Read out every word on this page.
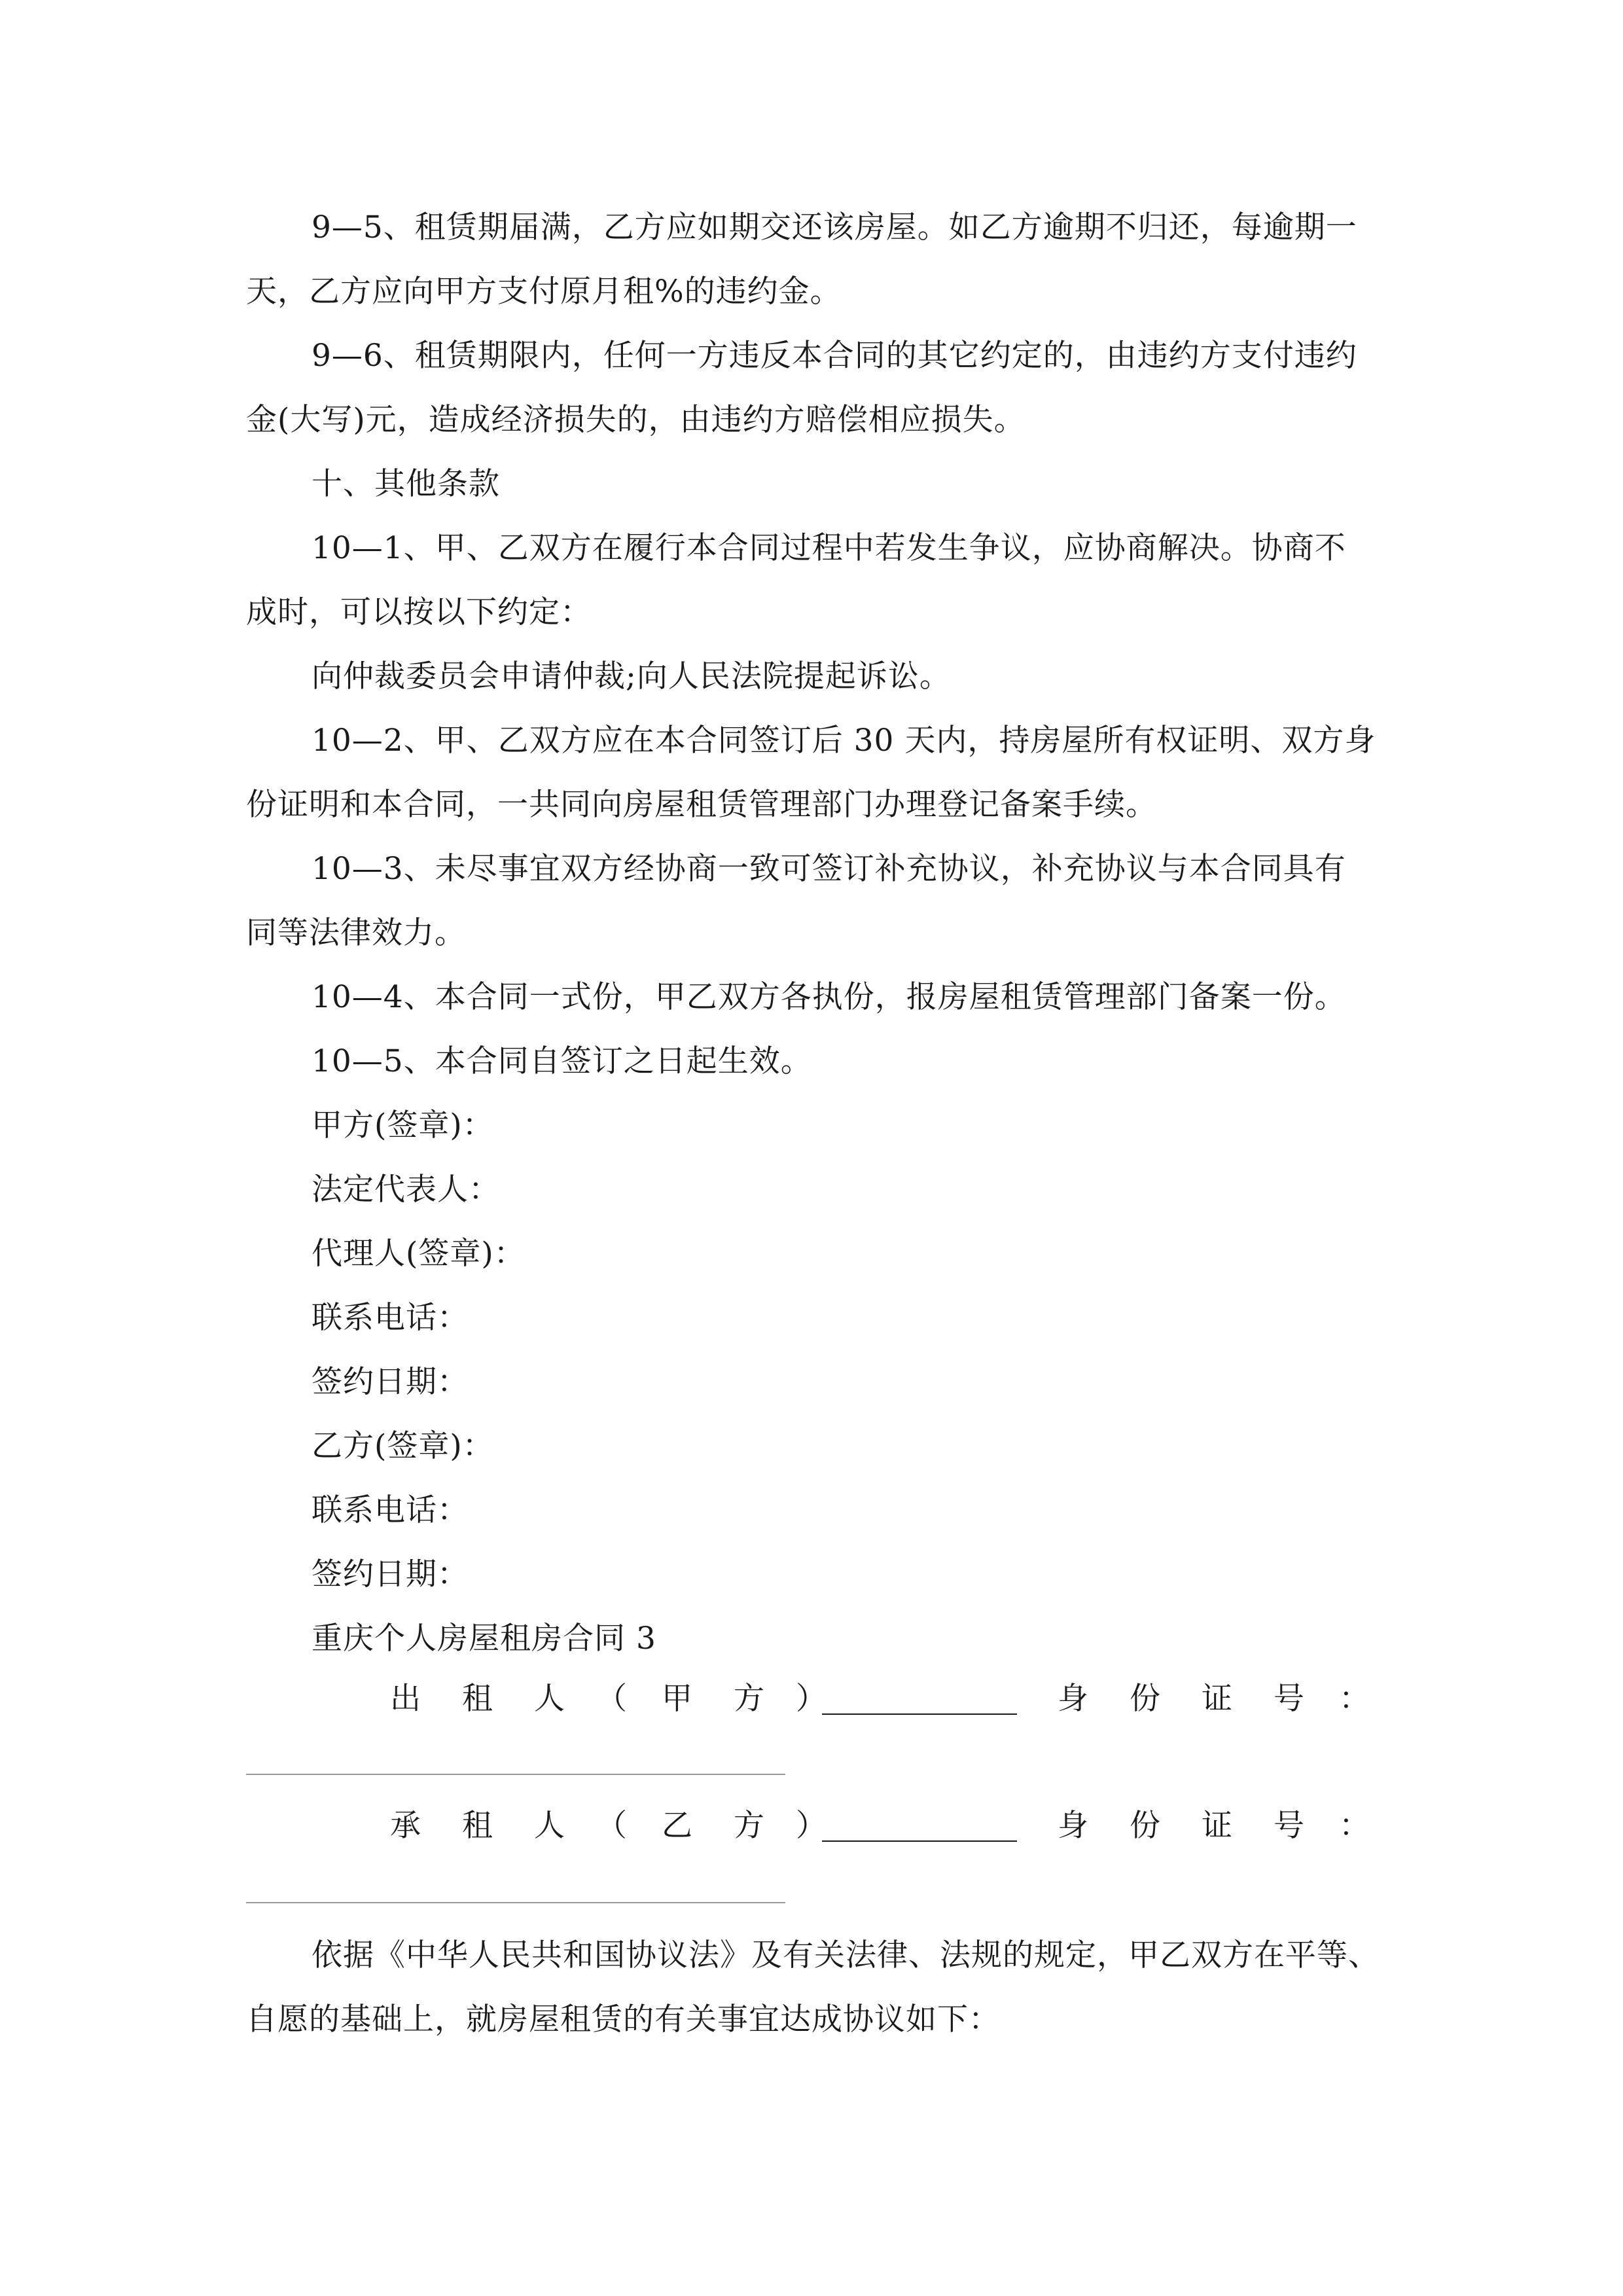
9—5、租赁期届满，乙方应如期交还该房屋。如乙方逾期不归还，每逾期一
天，乙方应向甲方支付原月租%的违约金。
9—6、租赁期限内，任何一方违反本合同的其它约定的，由违约方支付违约
金(大写)元，造成经济损失的，由违约方赔偿相应损失。
十、其他条款
10—1、甲、乙双方在履行本合同过程中若发生争议，应协商解决。协商不
成时，可以按以下约定：
向仲裁委员会申请仲裁;向人民法院提起诉讼。
10—2、甲、乙双方应在本合同签订后 30 天内，持房屋所有权证明、双方身
份证明和本合同，一共同向房屋租赁管理部门办理登记备案手续。
10—3、未尽事宜双方经协商一致可签订补充协议，补充协议与本合同具有
同等法律效力。
10—4、本合同一式份，甲乙双方各执份，报房屋租赁管理部门备案一份。
10—5、本合同自签订之日起生效。
甲方(签章)：
法定代表人：
代理人(签章)：
联系电话：
签约日期：
乙方(签章)：
联系电话：
签约日期：
重庆个人房屋租房合同 3
出 租 人 （ 甲 方 ）	身 份 证 号 ：
承 租 人 （ 乙 方 ）	身 份 证 号 ：
依据《中华人民共和国协议法》及有关法律、法规的规定，甲乙双方在平等、
自愿的基础上，就房屋租赁的有关事宜达成协议如下：
